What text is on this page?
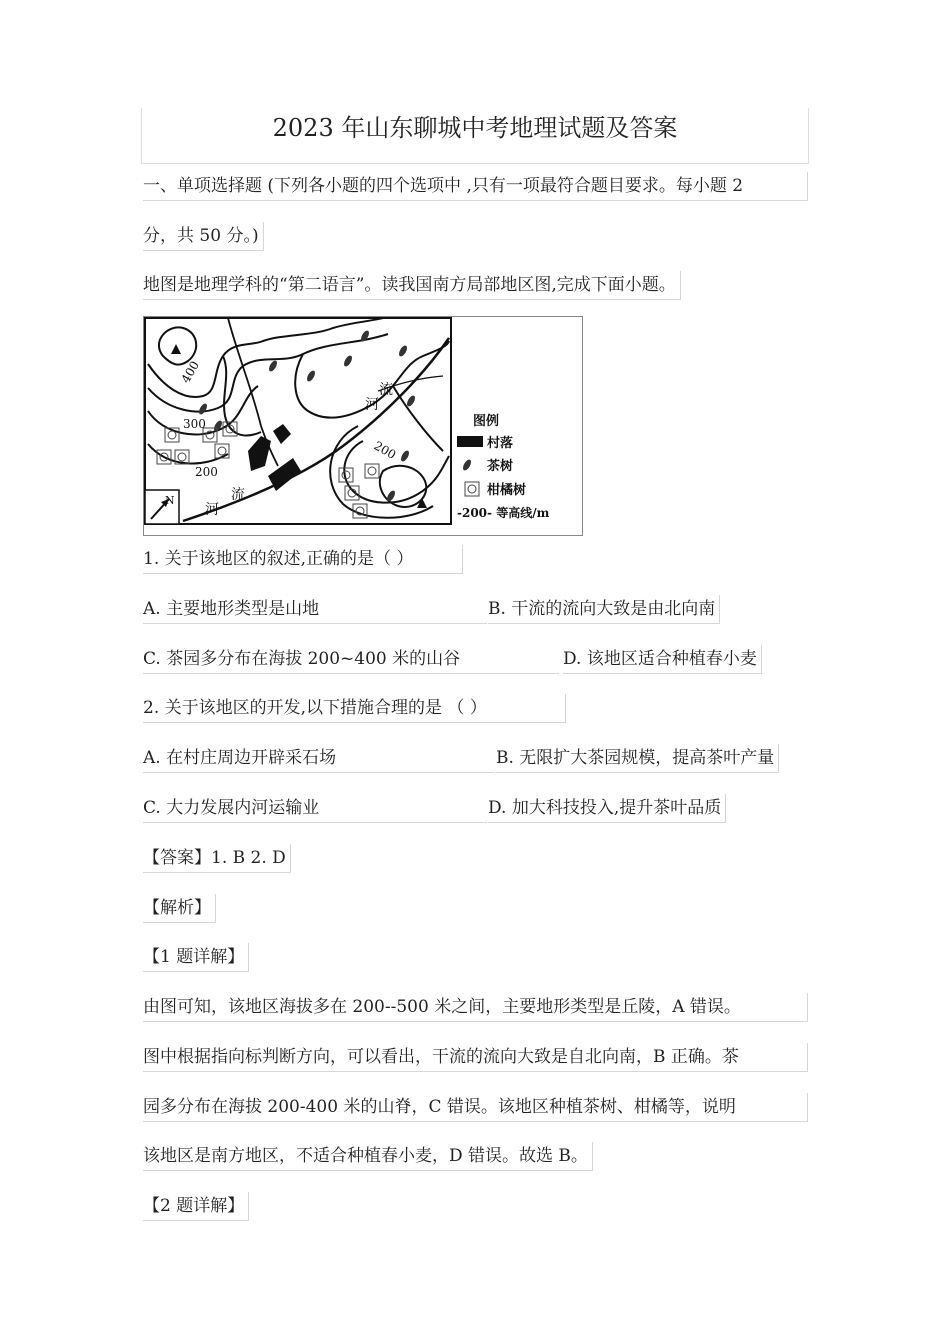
2023 年山东聊城中考地理试题及答案
一、单项选择题 (下列各小题的四个选项中 ,只有一项最符合题目要求。每小题 2
分，共 50 分。)
地图是地理学科的“第二语言”。读我国南方局部地区图,完成下面小题。
400
300
200
200
河
流
河
流
N
图例
村落
茶树
柑橘树
-200- 等高线/m
1. 关于该地区的叙述,正确的是（ ）
A. 主要地形类型是山地	B. 干流的流向大致是由北向南
C. 茶园多分布在海拔 200~400 米的山谷	D. 该地区适合种植春小麦
2. 关于该地区的开发,以下措施合理的是 （ ）
A. 在村庄周边开辟采石场	B. 无限扩大茶园规模，提高茶叶产量
C. 大力发展内河运输业	D. 加大科技投入,提升茶叶品质
【答案】1. B 2. D
【解析】
【1 题详解】
由图可知，该地区海拔多在 200--500 米之间，主要地形类型是丘陵，A 错误。
图中根据指向标判断方向，可以看出，干流的流向大致是自北向南，B 正确。茶
园多分布在海拔 200-400 米的山脊，C 错误。该地区种植茶树、柑橘等，说明
该地区是南方地区，不适合种植春小麦，D 错误。故选 B。
【2 题详解】
